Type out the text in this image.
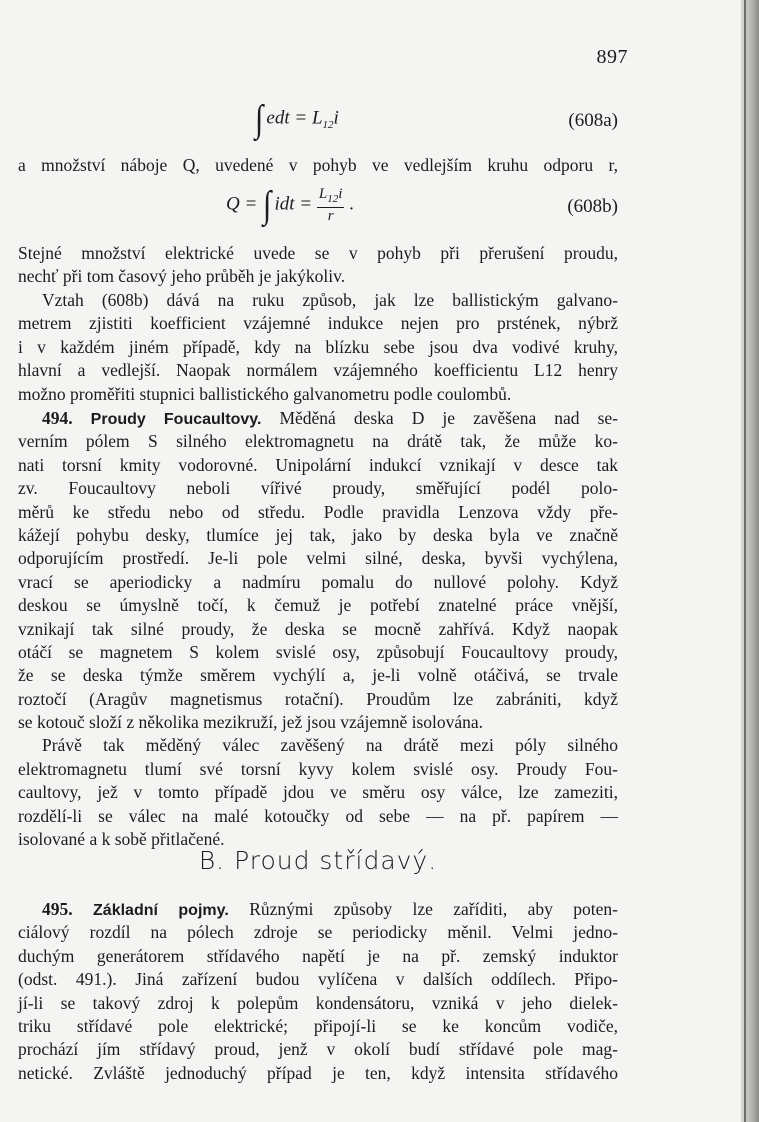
897
∫ edt = $L_{12}i$	(608a)
a množství náboje Q, uvedené v pohyb ve vedlejším kruhu odporu r,
Q = ∫ idt = $\frac{L_{12}i}{r}$ .	(608b)
Stejné množství elektrické uvede se v pohyb při přerušení proudu,
nechť při tom časový jeho průběh je jakýkoliv.
Vztah (608b) dává na ruku způsob, jak lze ballistickým galvano-
metrem zjistiti koefficient vzájemné indukce nejen pro prstének, nýbrž
i v každém jiném případě, kdy na blízku sebe jsou dva vodivé kruhy,
hlavní a vedlejší. Naopak normálem vzájemného koefficientu L12 henry
možno proměřiti stupnici ballistického galvanometru podle coulombů.
494. Proudy Foucaultovy. Měděná deska D je zavěšena nad se-
verním pólem S silného elektromagnetu na drátě tak, že může ko-
nati torsní kmity vodorovné. Unipolární indukcí vznikají v desce tak
zv. Foucaultovy neboli vířivé proudy, směřující podél polo-
měrů ke středu nebo od středu. Podle pravidla Lenzova vždy pře-
kážejí pohybu desky, tlumíce jej tak, jako by deska byla ve značně
odporujícím prostředí. Je-li pole velmi silné, deska, byvši vychýlena,
vrací se aperiodicky a nadmíru pomalu do nullové polohy. Když
deskou se úmyslně točí, k čemuž je potřebí znatelné práce vnější,
vznikají tak silné proudy, že deska se mocně zahřívá. Když naopak
otáčí se magnetem S kolem svislé osy, způsobují Foucaultovy proudy,
že se deska týmže směrem vychýlí a, je-li volně otáčivá, se trvale
roztočí (Aragův magnetismus rotační). Proudům lze zabrániti, když
se kotouč složí z několika mezikruží, jež jsou vzájemně isolována.
Právě tak měděný válec zavěšený na drátě mezi póly silného
elektromagnetu tlumí své torsní kyvy kolem svislé osy. Proudy Fou-
caultovy, jež v tomto případě jdou ve směru osy válce, lze zameziti,
rozdělí-li se válec na malé kotoučky od sebe — na př. papírem —
isolované a k sobě přitlačené.
B. Proud střídavý.
495. Základní pojmy. Různými způsoby lze zaříditi, aby poten-
ciálový rozdíl na pólech zdroje se periodicky měnil. Velmi jedno-
duchým generátorem střídavého napětí je na př. zemský induktor
(odst. 491.). Jiná zařízení budou vylíčena v dalších oddílech. Připo-
jí-li se takový zdroj k polepům kondensátoru, vzniká v jeho dielek-
triku střídavé pole elektrické; připojí-li se ke koncům vodiče,
prochází jím střídavý proud, jenž v okolí budí střídavé pole mag-
netické. Zvláště jednoduchý případ je ten, když intensita střídavého
